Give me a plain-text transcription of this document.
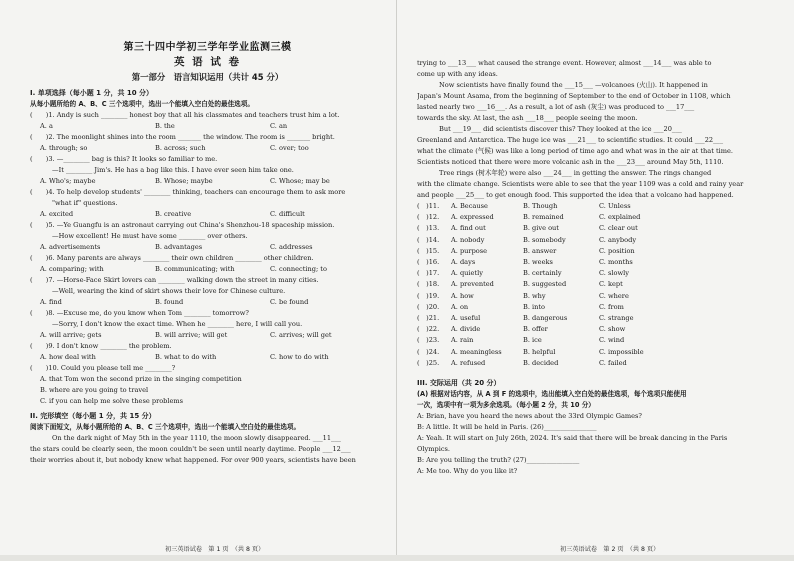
第三十四中学初三学年学业监测三模
英 语 试 卷
第一部分　语言知识运用（共计 45 分）
I. 单项选择（每小题 1 分，共 10 分）
从每小题所给的 A、B、C 三个选项中，选出一个能填入空白处的最佳选项。
(　　)1. Andy is such ________ honest boy that all his classmates and teachers trust him a lot.
A. a	B. the	C. an
(　　)2. The moonlight shines into the room _______ the window. The room is _______ bright.
A. through; so	B. across; such	C. over; too
(　　)3. —________ bag is this? It looks so familiar to me.
—It ________ Jim's. He has a bag like this. I have ever seen him take one.
A. Who's; maybe	B. Whose; maybe	C. Whose; may be
(　　)4. To help develop students' ________ thinking, teachers can encourage them to ask more
"what if" questions.
A. excited	B. creative	C. difficult
(　　)5. —Ye Guangfu is an astronaut carrying out China's Shenzhou-18 spaceship mission.
—How excellent! He must have some ________ over others.
A. advertisements	B. advantages	C. addresses
(　　)6. Many parents are always ________ their own children ________ other children.
A. comparing; with	B. communicating; with	C. connecting; to
(　　)7. —Horse-Face Skirt lovers can ________ walking down the street in many cities.
—Well, wearing the kind of skirt shows their love for Chinese culture.
A. find	B. found	C. be found
(　　)8. —Excuse me, do you know when Tom ________ tomorrow?
—Sorry, I don't know the exact time. When he ________ here, I will call you.
A. will arrive; gets	B. will arrive; will get	C. arrives; will get
(　　)9. I don't know ________ the problem.
A. how deal with	B. what to do with	C. how to do with
(　　)10. Could you please tell me ________?
A. that Tom won the second prize in the singing competition
B. where are you going to travel
C. if you can help me solve these problems
II. 完形填空（每小题 1 分，共 15 分）
阅读下面短文，从每小题所给的 A、B、C 三个选项中，选出一个能填入空白处的最佳选项。
On the dark night of May 5th in the year 1110, the moon slowly disappeared. ___11___
the stars could be clearly seen, the moon couldn't be seen until nearly daytime. People ___12___
their worries about it, but nobody knew what happened. For over 900 years, scientists have been
初三英语试卷　第 1 页　（共 8 页）
trying to ___13___ what caused the strange event. However, almost ___14___ was able to
come up with any ideas.
Now scientists have finally found the ___15___ —volcanoes (火山). It happened in
Japan's Mount Asama, from the beginning of September to the end of October in 1108, which
lasted nearly two ___16___. As a result, a lot of ash (灰尘) was produced to ___17___
towards the sky. At last, the ash ___18___ people seeing the moon.
But ___19___ did scientists discover this? They looked at the ice ___20___
Greenland and Antarctica. The huge ice was ___21___ to scientific studies. It could ___22___
what the climate (气候) was like a long period of time ago and what was in the air at that time.
Scientists noticed that there were more volcanic ash in the ___23___ around May 5th, 1110.
Tree rings (树木年轮) were also ___24___ in getting the answer. The rings changed
with the climate change. Scientists were able to see that the year 1109 was a cold and rainy year
and people ___25___ to get enough food. This supported the idea that a volcano had happened.
(　)11.	A. Because	B. Though	C. Unless
(　)12.	A. expressed	B. remained	C. explained
(　)13.	A. find out	B. give out	C. clear out
(　)14.	A. nobody	B. somebody	C. anybody
(　)15.	A. purpose	B. answer	C. position
(　)16.	A. days	B. weeks	C. months
(　)17.	A. quietly	B. certainly	C. slowly
(　)18.	A. prevented	B. suggested	C. kept
(　)19.	A. how	B. why	C. where
(　)20.	A. on	B. into	C. from
(　)21.	A. useful	B. dangerous	C. strange
(　)22.	A. divide	B. offer	C. show
(　)23.	A. rain	B. ice	C. wind
(　)24.	A. meaningless	B. helpful	C. impossible
(　)25.	A. refused	B. decided	C. failed
III. 交际运用（共 20 分）
(A) 根据对话内容，从 A 到 F 的选项中，选出能填入空白处的最佳选项，每个选项只能使用
一次，选项中有一项为多余选项。（每小题 2 分，共 10 分）
A: Brian, have you heard the news about the 33rd Olympic Games?
B: A little. It will be held in Paris. (26)________________
A: Yeah. It will start on July 26th, 2024. It's said that there will be break dancing in the Paris
Olympics.
B: Are you telling the truth? (27)________________
A: Me too. Why do you like it?
初三英语试卷　第 2 页　（共 8 页）
